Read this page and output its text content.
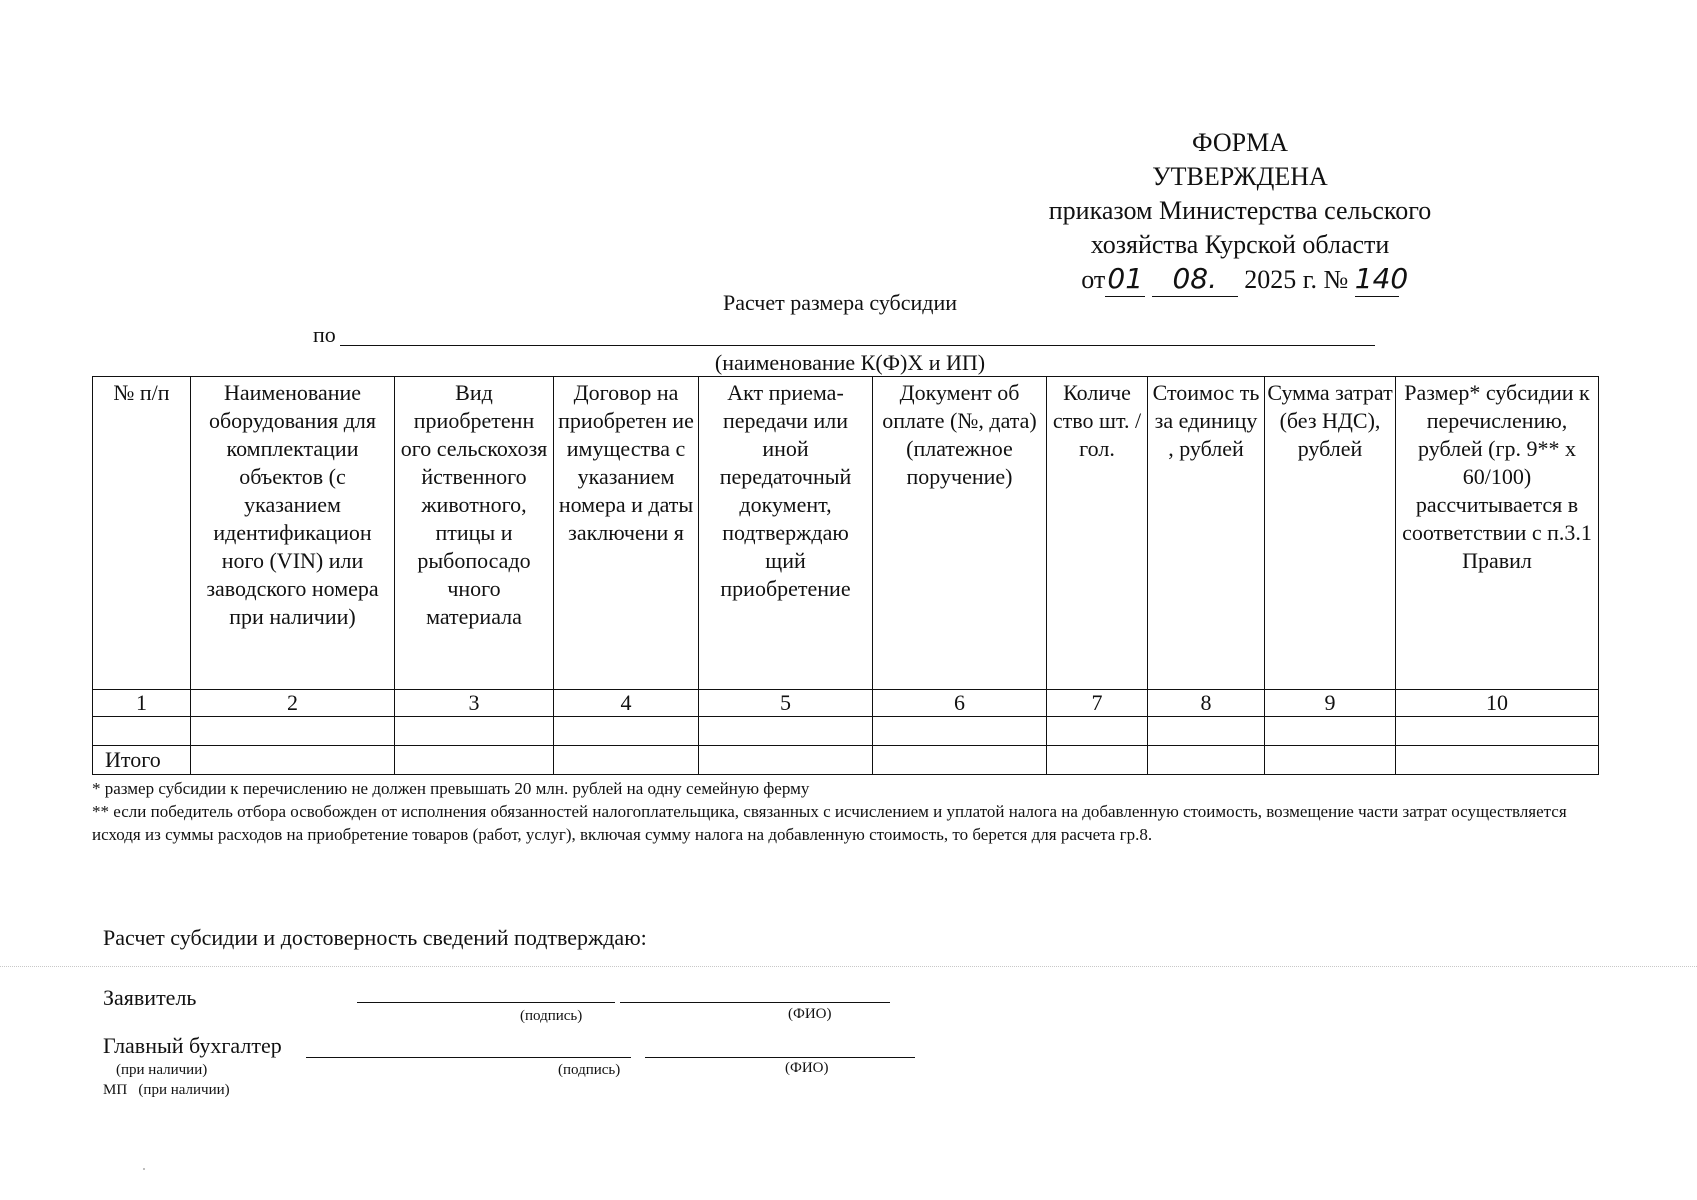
ФОРМА
УТВЕРЖДЕНА
приказом Министерства сельского
хозяйства Курской области
от01 08. 2025 г. № 140
Расчет размера субсидии
по
(наименование К(Ф)Х и ИП)
№ п/п	Наименование оборудования для комплектации объектов (с указанием идентификацион ного (VIN) или заводского номера при наличии)	Вид приобретенн ого сельскохозя йственного животного, птицы и рыбопосадо чного материала	Договор на приобретен ие имущества с указанием номера и даты заключени я	Акт приема-передачи или иной передаточный документ, подтверждаю щий приобретение	Документ об оплате (№, дата) (платежное поручение)	Количе ство шт. / гол.	Стоимос ть за единицу , рублей	Сумма затрат (без НДС), рублей	Размер* субсидии к перечислению, рублей (гр. 9** х 60/100) рассчитывается в соответствии с п.3.1 Правил
1	2	3	4	5	6	7	8	9	10

Итого									

* размер субсидии к перечислению не должен превышать 20 млн. рублей на одну семейную ферму

** если победитель отбора освобожден от исполнения обязанностей налогоплательщика, связанных с исчислением и уплатой налога на добавленную стоимость, возмещение части затрат осуществляется исходя из суммы расходов на приобретение товаров (работ, услуг), включая сумму налога на добавленную стоимость, то берется для расчета гр.8.

Расчет субсидии и достоверность сведений подтверждаю:
Заявитель
(подпись)	(ФИО)
Главный бухгалтер
(при наличии)	(подпись)	(ФИО)
МП   (при наличии)
